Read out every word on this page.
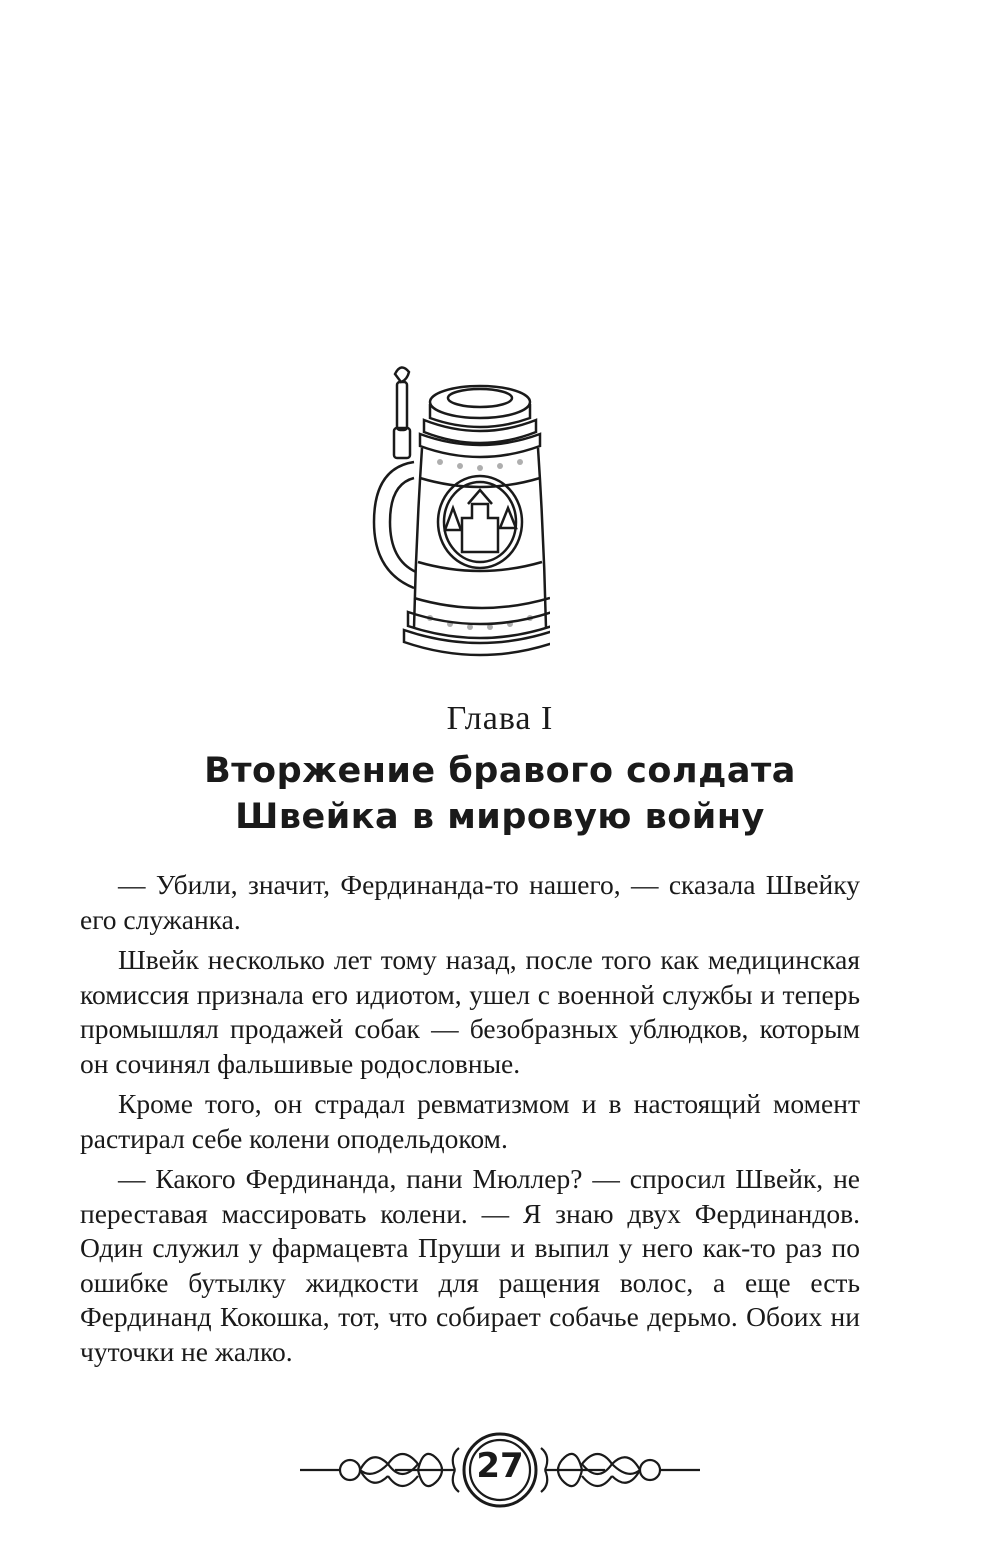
Глава I
Вторжение бравого солдата
Швейка в мировую войну

— Убили, значит, Фердинанда-то нашего, — сказала Швейку его служанка.

Швейк несколько лет тому назад, после того как медицинская комиссия признала его идиотом, ушел с военной службы и теперь промышлял продажей собак — безобразных ублюдков, которым он сочинял фальшивые родословные.

Кроме того, он страдал ревматизмом и в настоящий момент растирал себе колени оподельдоком.

— Какого Фердинанда, пани Мюллер? — спросил Швейк, не переставая массировать колени. — Я знаю двух Фердинандов. Один служил у фармацевта Пруши и выпил у него как-то раз по ошибке бутылку жидкости для ращения волос, а еще есть Фердинанд Кокошка, тот, что собирает собачье дерьмо. Обоих ни чуточки не жалко.

27
